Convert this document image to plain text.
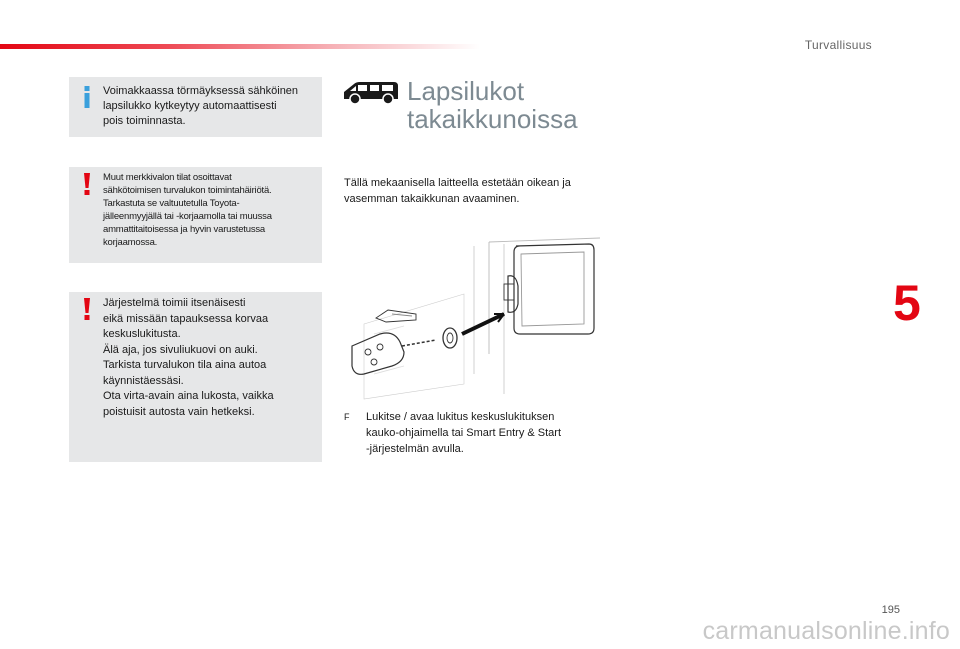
Turvallisuus
5
Voimakkaassa törmäyksessä sähköinen
lapsilukko kytkeytyy automaattisesti
pois toiminnasta.
Muut merkkivalon tilat osoittavat
sähkötoimisen turvalukon toimintahäiriötä.
Tarkastuta se valtuutetulla Toyota-
jälleenmyyjällä tai -korjaamolla tai muussa
ammattitaitoisessa ja hyvin varustetussa
korjaamossa.
Järjestelmä toimii itsenäisesti
eikä missään tapauksessa korvaa
keskuslukitusta.
Älä aja, jos sivuliukuovi on auki.
Tarkista turvalukon tila aina autoa
käynnistäessäsi.
Ota virta-avain aina lukosta, vaikka
poistuisit autosta vain hetkeksi.
Lapsilukot
takaikkunoissa
Tällä mekaanisella laitteella estetään oikean ja
vasemman takaikkunan avaaminen.
F Lukitse / avaa lukitus keskuslukituksen
kauko-ohjaimella tai Smart Entry & Start
-järjestelmän avulla.
195
carmanualsonline.info
